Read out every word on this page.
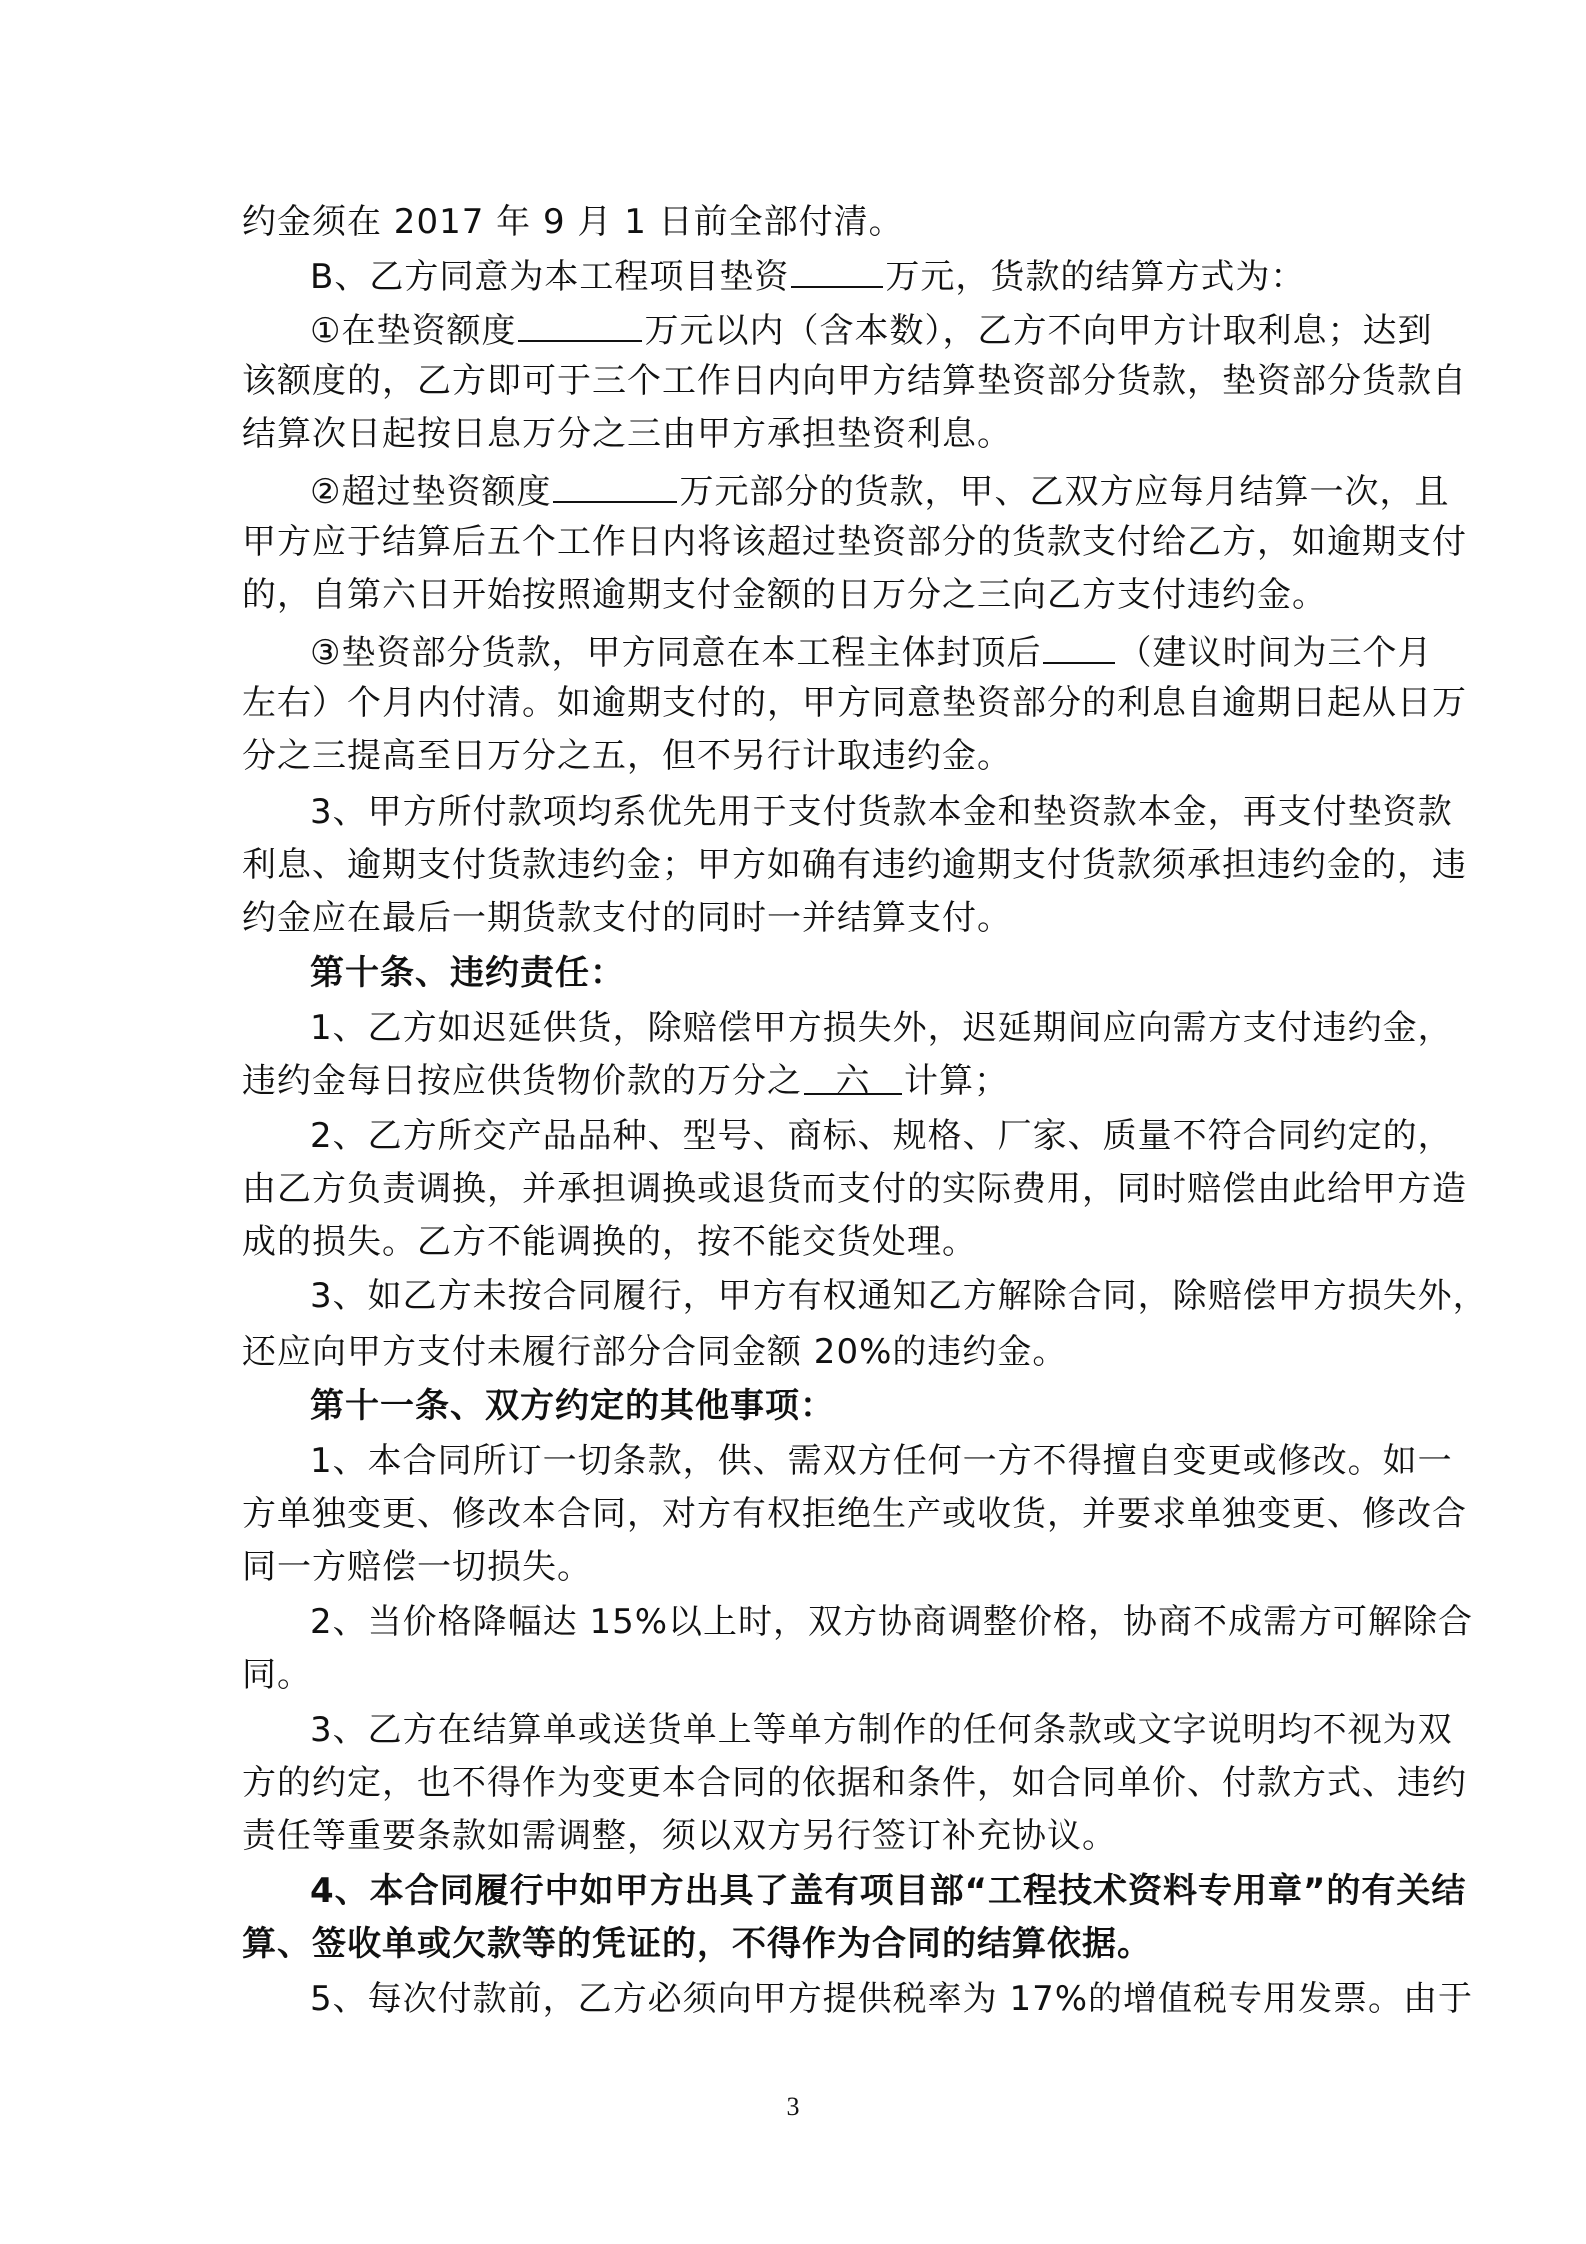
约金须在 2017 年 9 月 1 日前全部付清。
B、乙方同意为本工程项目垫资	万元，货款的结算方式为：
①在垫资额度	万元以内（含本数），乙方不向甲方计取利息；达到
该额度的，乙方即可于三个工作日内向甲方结算垫资部分货款，垫资部分货款自
结算次日起按日息万分之三由甲方承担垫资利息。
②超过垫资额度	万元部分的货款，甲、乙双方应每月结算一次，且
甲方应于结算后五个工作日内将该超过垫资部分的货款支付给乙方，如逾期支付
的，自第六日开始按照逾期支付金额的日万分之三向乙方支付违约金。
③垫资部分货款，甲方同意在本工程主体封顶后 （建议时间为三个月
左右）个月内付清。如逾期支付的，甲方同意垫资部分的利息自逾期日起从日万
分之三提高至日万分之五，但不另行计取违约金。
3、甲方所付款项均系优先用于支付货款本金和垫资款本金，再支付垫资款
利息、逾期支付货款违约金；甲方如确有违约逾期支付货款须承担违约金的，违
约金应在最后一期货款支付的同时一并结算支付。
第十条、违约责任：
1、乙方如迟延供货，除赔偿甲方损失外，迟延期间应向需方支付违约金，
违约金每日按应供货物价款的万分之 六 计算；
2、乙方所交产品品种、型号、商标、规格、厂家、质量不符合同约定的，
由乙方负责调换，并承担调换或退货而支付的实际费用，同时赔偿由此给甲方造
成的损失。乙方不能调换的，按不能交货处理。
3、如乙方未按合同履行，甲方有权通知乙方解除合同，除赔偿甲方损失外，
还应向甲方支付未履行部分合同金额 20%的违约金。
第十一条、双方约定的其他事项：
1、本合同所订一切条款，供、需双方任何一方不得擅自变更或修改。如一
方单独变更、修改本合同，对方有权拒绝生产或收货，并要求单独变更、修改合
同一方赔偿一切损失。
2、当价格降幅达 15%以上时，双方协商调整价格，协商不成需方可解除合
同。
3、乙方在结算单或送货单上等单方制作的任何条款或文字说明均不视为双
方的约定，也不得作为变更本合同的依据和条件，如合同单价、付款方式、违约
责任等重要条款如需调整，须以双方另行签订补充协议。
4、本合同履行中如甲方出具了盖有项目部“工程技术资料专用章”的有关结
算、签收单或欠款等的凭证的，不得作为合同的结算依据。
5、每次付款前，乙方必须向甲方提供税率为 17%的增值税专用发票。由于
3
